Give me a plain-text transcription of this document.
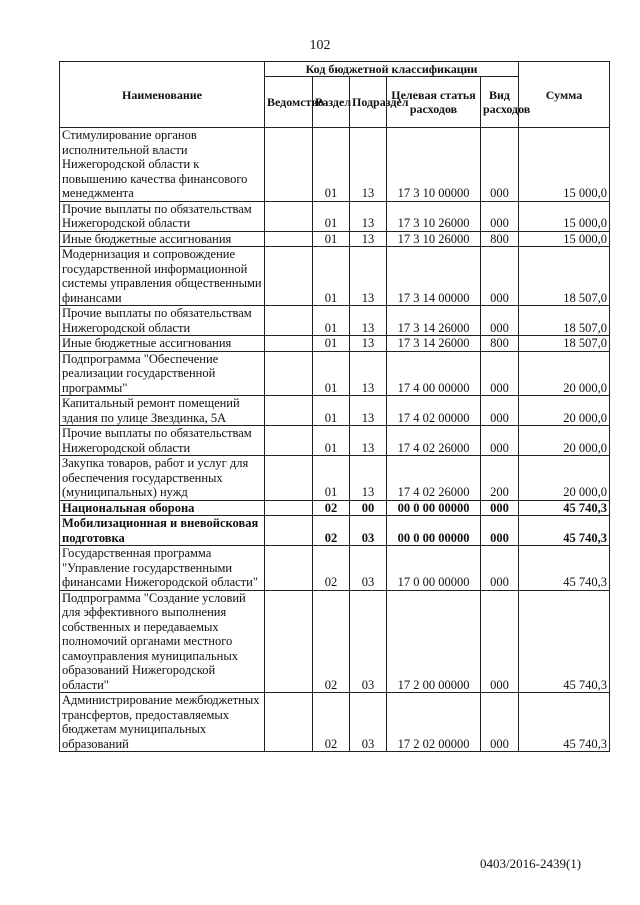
102
Наименование	Код бюджетной классификации					Сумма
	Ведомство	Раздел	Подраздел	Целевая статья расходов	Вид расходов	
Стимулирование органов исполнительной власти Нижегородской области к повышению качества финансового менеджмента		01	13	17 3 10 00000	000	15 000,0
Прочие выплаты по обязательствам Нижегородской области		01	13	17 3 10 26000	000	15 000,0
Иные бюджетные ассигнования		01	13	17 3 10 26000	800	15 000,0
Модернизация и сопровождение государственной информационной системы управления общественными финансами		01	13	17 3 14 00000	000	18 507,0
Прочие выплаты по обязательствам Нижегородской области		01	13	17 3 14 26000	000	18 507,0
Иные бюджетные ассигнования		01	13	17 3 14 26000	800	18 507,0
Подпрограмма "Обеспечение реализации государственной программы"		01	13	17 4 00 00000	000	20 000,0
Капитальный ремонт помещений здания по улице Звездинка, 5А		01	13	17 4 02 00000	000	20 000,0
Прочие выплаты по обязательствам Нижегородской области		01	13	17 4 02 26000	000	20 000,0
Закупка товаров, работ и услуг для обеспечения государственных (муниципальных) нужд		01	13	17 4 02 26000	200	20 000,0
Национальная оборона		02	00	00 0 00 00000	000	45 740,3
Мобилизационная и вневойсковая подготовка		02	03	00 0 00 00000	000	45 740,3
Государственная программа "Управление государственными финансами Нижегородской области"		02	03	17 0 00 00000	000	45 740,3
Подпрограмма "Создание условий для эффективного выполнения собственных и передаваемых полномочий органами местного самоуправления муниципальных образований Нижегородской области"		02	03	17 2 00 00000	000	45 740,3
Администрирование межбюджетных трансфертов, предоставляемых бюджетам муниципальных образований		02	03	17 2 02 00000	000	45 740,3
0403/2016-2439(1)
